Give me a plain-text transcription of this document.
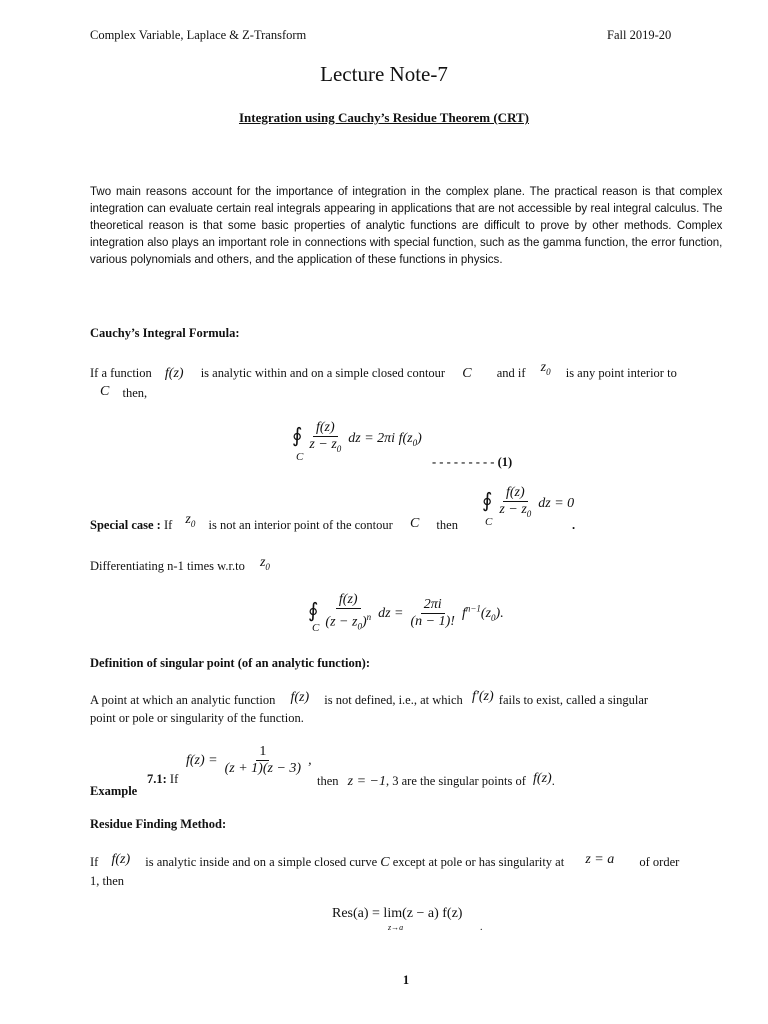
Complex Variable, Laplace & Z-Transform	Fall 2019-20
Lecture Note-7
Integration using Cauchy’s Residue Theorem (CRT)
Two main reasons account for the importance of integration in the complex plane. The practical reason is that complex integration can evaluate certain real integrals appearing in applications that are not accessible by real integral calculus. The theoretical reason is that some basic properties of analytic functions are difficult to prove by other methods. Complex integration also plays an important role in connections with special function, such as the gamma function, the error function, various polynomials and others, and the application of these functions in physics.
Cauchy’s Integral Formula:
If a function f(z) is analytic within and on a simple closed contour C and if $z_0$ is any point interior to
C then,
∮ $\frac{f(z)}{z - z_0}$ dz = 2πi $f(z_0)$
C	- - - - - - - - - (1)
∮ $\frac{f(z)}{z - z_0}$ dz = 0
C	.
Special case : If $z_0$ is not an interior point of the contour C then
Differentiating n-1 times w.r.to $z_0$
∮ $\frac{f(z)}{(z - z_0)^n}$ dz = $\frac{2\pi i}{(n - 1)!} f^{n-1}(z_0)$.
C
Definition of singular point (of an analytic function):
A point at which an analytic function f(z) is not defined, i.e., at which f′(z) fails to exist, called a singular
point or pole or singularity of the function.
$f(z) = \frac{1}{(z + 1)(z - 3)}$ ,
7.1: If	then z = −1, 3 are the singular points of f(z).
Example
Residue Finding Method:
If f(z) is analytic inside and on a simple closed curve C except at pole or has singularity at z = a of order
1, then
Res(a) = lim(z − a) f(z)
z→a	.
1
